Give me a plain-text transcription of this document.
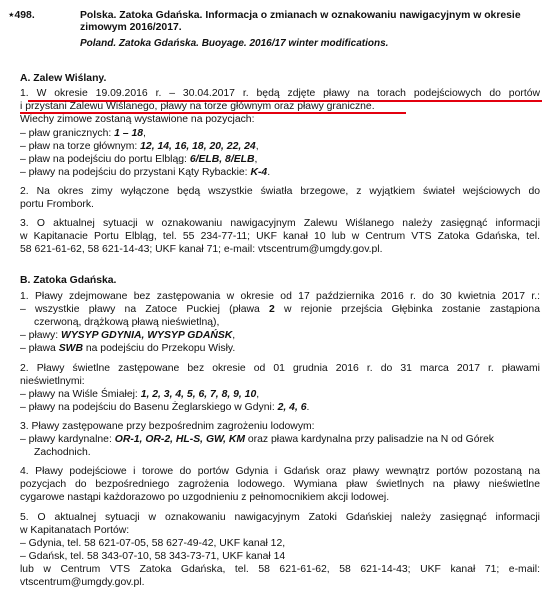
⋆498.	Polska. Zatoka Gdańska. Informacja o zmianach w oznakowaniu nawigacyjnym w okresie zimowym 2016/2017.
Poland. Zatoka Gdańska. Buoyage. 2016/17 winter modifications.
A. Zalew Wiślany.
1. W okresie 19.09.2016 r. – 30.04.2017 r. będą zdjęte pławy na torach podejściowych do portów
i przystani Zalewu Wiślanego, pławy na torze głównym oraz pławy graniczne.
Wiechy zimowe zostaną wystawione na pozycjach:
– pław granicznych: 1 – 18,
– pław na torze głównym: 12, 14, 16, 18, 20, 22, 24,
– pław na podejściu do portu Elbląg: 6/ELB, 8/ELB,
– pławy na podejściu do przystani Kąty Rybackie: K-4.
2. Na okres zimy wyłączone będą wszystkie światła brzegowe, z wyjątkiem świateł wejściowych do
portu Frombork.
3. O aktualnej sytuacji w oznakowaniu nawigacyjnym Zalewu Wiślanego należy zasięgnąć informacji
w Kapitanacie Portu Elbląg, tel. 55 234-77-11; UKF kanał 10 lub w Centrum VTS Zatoka Gdańska, tel.
58 621-61-62, 58 621-14-43; UKF kanał 71; e-mail: vtscentrum@umgdy.gov.pl.
B. Zatoka Gdańska.
1. Pławy zdejmowane bez zastępowania w okresie od 17 października 2016 r. do 30 kwietnia 2017 r.:
– wszystkie pławy na Zatoce Puckiej (pława 2 w rejonie przejścia Głębinka zostanie zastąpiona
czerwoną, drążkową pławą nieświetlną),
– pławy: WYSYP GDYNIA, WYSYP GDAŃSK,
– pława SWB na podejściu do Przekopu Wisły.
2. Pławy świetlne zastępowane bez okresie od 01 grudnia 2016 r. do 31 marca 2017 r. pławami
nieświetlnymi:
– pławy na Wiśle Śmiałej: 1, 2, 3, 4, 5, 6, 7, 8, 9, 10,
– pławy na podejściu do Basenu Żeglarskiego w Gdyni: 2, 4, 6.
3. Pławy zastępowane przy bezpośrednim zagrożeniu lodowym:
– pławy kardynalne: OR-1, OR-2, HL-S, GW, KM oraz pława kardynalna przy palisadzie na N od Górek
Zachodnich.
4. Pławy podejściowe i torowe do portów Gdynia i Gdańsk oraz pławy wewnątrz portów pozostaną na
pozycjach do bezpośredniego zagrożenia lodowego. Wymiana pław świetlnych na pławy nieświetlne
cygarowe nastąpi każdorazowo po uzgodnieniu z pełnomocnikiem akcji lodowej.
5. O aktualnej sytuacji w oznakowaniu nawigacyjnym Zatoki Gdańskiej należy zasięgnąć informacji
w Kapitanatach Portów:
– Gdynia, tel. 58 621-07-05, 58 627-49-42, UKF kanał 12,
– Gdańsk, tel. 58 343-07-10, 58 343-73-71, UKF kanał 14
lub w Centrum VTS Zatoka Gdańska, tel. 58 621-61-62, 58 621-14-43; UKF kanał 71; e-mail:
vtscentrum@umgdy.gov.pl.
